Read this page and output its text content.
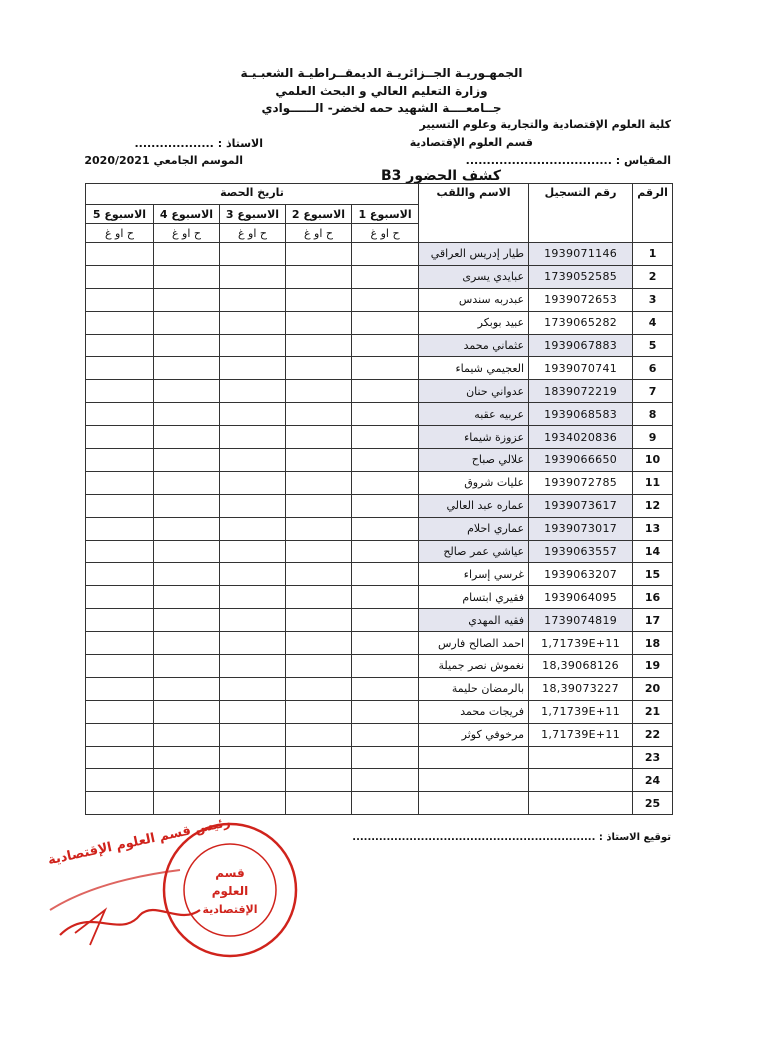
الجمهـوريـة الجــزائريـة الديمقــراطيـة الشعبـيـة
وزارة التعليم العالي و البحث العلمي
جــامعــــة الشهيد حمه لخضر- الــــــوادي
كلية العلوم الإقتصادية والتجارية وعلوم التسيير
قسم العلوم الإقتصادية
الاستاذ : ...................
المقياس : ...................................
الموسم الجامعي 2020/2021
كشف الحضور B3
تاريخ الحصة					الاسم واللقب	رقم التسجيل	الرقم
الاسبوع 5	الاسبوع 4	الاسبوع 3	الاسبوع 2	الاسبوع 1			
ح او غ	ح او غ	ح او غ	ح او غ	ح او غ			
					طيار إدريس العراقي	1939071146	1
					عبايدي يسرى	1739052585	2
					عبدربه سندس	1939072653	3
					عبيد بوبكر	1739065282	4
					عثماني محمد	1939067883	5
					العجيمي شيماء	1939070741	6
					عدواني حنان	1839072219	7
					عربيه عقبه	1939068583	8
					عزوزة شيماء	1934020836	9
					علالي صباح	1939066650	10
					عليات شروق	1939072785	11
					عماره عبد العالي	1939073617	12
					عماري احلام	1939073017	13
					عياشي عمر صالح	1939063557	14
					غرسي إسراء	1939063207	15
					فقيري ابتسام	1939064095	16
					فقيه المهدي	1739074819	17
					احمد الصالح فارس	1,71739E+11	18
					نغموش نصر جميلة	18,39068126	19
					بالرمضان حليمة	18,39073227	20
					فريجات محمد	1,71739E+11	21
					مرخوفي كوثر	1,71739E+11	22
							23
							24
							25
توقيع الاستاذ : ................................................................
رئيس قسم العلوم الإقتصادية
قسم
العلوم
الإقتصادية
